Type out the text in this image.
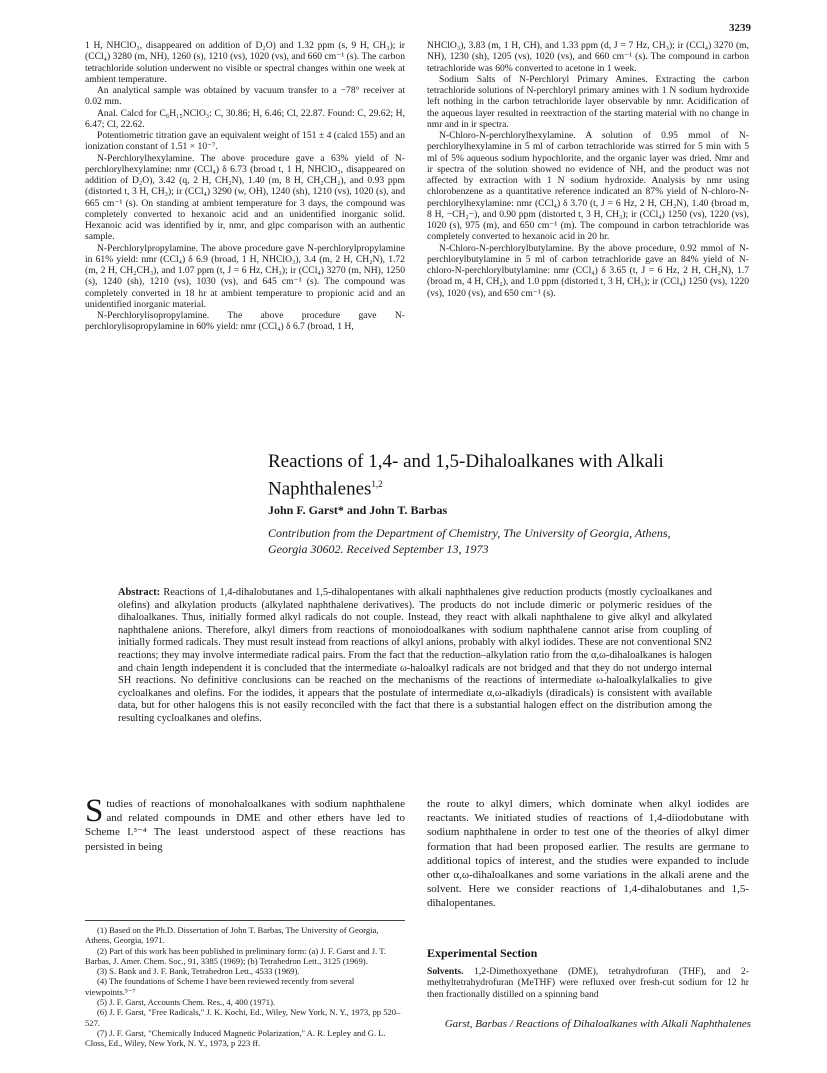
3239

1 H, NHClO₃, disappeared on addition of D₂O) and 1.32 ppm (s, 9 H, CH₃); ir (CCl₄) 3280 (m, NH), 1260 (s), 1210 (vs), 1020 (vs), and 660 cm⁻¹ (s). The carbon tetrachloride solution underwent no visible or spectral changes within one week at ambient temperature.

An analytical sample was obtained by vacuum transfer to a −78° receiver at 0.02 mm.

Anal. Calcd for C₆H₁₅NClO₃: C, 30.86; H, 6.46; Cl, 22.87. Found: C, 29.62; H, 6.47; Cl, 22.62.

Potentiometric titration gave an equivalent weight of 151 ± 4 (calcd 155) and an ionization constant of 1.51 × 10⁻⁷.

N-Perchlorylhexylamine. The above procedure gave a 63% yield of N-perchlorylhexylamine: nmr (CCl₄) δ 6.73 (broad t, 1 H, NHClO₃, disappeared on addition of D₂O), 3.42 (q, 2 H, CH₂N), 1.40 (m, 8 H, CH₂CH₂), and 0.93 ppm (distorted t, 3 H, CH₃); ir (CCl₄) 3290 (w, OH), 1240 (sh), 1210 (vs), 1020 (s), and 665 cm⁻¹ (s). On standing at ambient temperature for 3 days, the compound was completely converted to hexanoic acid and an unidentified inorganic solid. Hexanoic acid was identified by ir, nmr, and glpc comparison with an authentic sample.

N-Perchlorylpropylamine. The above procedure gave N-perchlorylpropylamine in 61% yield: nmr (CCl₄) δ 6.9 (broad, 1 H, NHClO₃), 3.4 (m, 2 H, CH₂N), 1.72 (m, 2 H, CH₂CH₃), and 1.07 ppm (t, J = 6 Hz, CH₃); ir (CCl₄) 3270 (m, NH), 1250 (s), 1240 (sh), 1210 (vs), 1030 (vs), and 645 cm⁻¹ (s). The compound was completely converted in 18 hr at ambient temperature to propionic acid and an unidentified inorganic material.

N-Perchlorylisopropylamine. The above procedure gave N-perchlorylisopropylamine in 60% yield: nmr (CCl₄) δ 6.7 (broad, 1 H,

NHClO₃), 3.83 (m, 1 H, CH), and 1.33 ppm (d, J = 7 Hz, CH₃); ir (CCl₄) 3270 (m, NH), 1230 (sh), 1205 (vs), 1020 (vs), and 660 cm⁻¹ (s). The compound in carbon tetrachloride was 60% converted to acetone in 1 week.

Sodium Salts of N-Perchloryl Primary Amines. Extracting the carbon tetrachloride solutions of N-perchloryl primary amines with 1 N sodium hydroxide left nothing in the carbon tetrachloride layer observable by nmr. Acidification of the aqueous layer resulted in reextraction of the starting material with no change in nmr and in ir spectra.

N-Chloro-N-perchlorylhexylamine. A solution of 0.95 mmol of N-perchlorylhexylamine in 5 ml of carbon tetrachloride was stirred for 5 min with 5 ml of 5% aqueous sodium hypochlorite, and the organic layer was dried. Nmr and ir spectra of the solution showed no evidence of NH, and the product was not affected by extraction with 1 N sodium hydroxide. Analysis by nmr using chlorobenzene as a quantitative reference indicated an 87% yield of N-chloro-N-perchlorylhexylamine: nmr (CCl₄) δ 3.70 (t, J = 6 Hz, 2 H, CH₂N), 1.40 (broad m, 8 H, −CH₂−), and 0.90 ppm (distorted t, 3 H, CH₃); ir (CCl₄) 1250 (vs), 1220 (vs), 1020 (s), 975 (m), and 650 cm⁻¹ (m). The compound in carbon tetrachloride was completely converted to hexanoic acid in 20 hr.

N-Chloro-N-perchlorylbutylamine. By the above procedure, 0.92 mmol of N-perchlorylbutylamine in 5 ml of carbon tetrachloride gave an 84% yield of N-chloro-N-perchlorylbutylamine: nmr (CCl₄) δ 3.65 (t, J = 6 Hz, 2 H, CH₂N), 1.7 (broad m, 4 H, CH₂), and 1.0 ppm (distorted t, 3 H, CH₃); ir (CCl₄) 1250 (vs), 1220 (vs), 1020 (vs), and 650 cm⁻¹ (s).

Reactions of 1,4- and 1,5-Dihaloalkanes with Alkali Naphthalenes$^{1,2}$
John F. Garst* and John T. Barbas
Contribution from the Department of Chemistry, The University of Georgia, Athens, Georgia 30602. Received September 13, 1973
Abstract: Reactions of 1,4-dihalobutanes and 1,5-dihalopentanes with alkali naphthalenes give reduction products (mostly cycloalkanes and olefins) and alkylation products (alkylated naphthalene derivatives). The products do not include dimeric or polymeric residues of the dihaloalkanes. Thus, initially formed alkyl radicals do not couple. Instead, they react with alkali naphthalene to give alkyl and alkylated naphthalene anions. Therefore, alkyl dimers from reactions of monoiodoalkanes with sodium naphthalene cannot arise from coupling of initially formed radicals. They must result instead from reactions of alkyl anions, probably with alkyl iodides. These are not conventional SN2 reactions; they may involve intermediate radical pairs. From the fact that the reduction–alkylation ratio from the α,ω-dihaloalkanes is halogen and chain length independent it is concluded that the intermediate ω-haloalkyl radicals are not bridged and that they do not undergo internal SH reactions. No definitive conclusions can be reached on the mechanisms of the reactions of intermediate ω-haloalkylalkalies to give cycloalkanes and olefins. For the iodides, it appears that the postulate of intermediate α,ω-alkadiyls (diradicals) is consistent with available data, but for other halogens this is not easily reconciled with the fact that there is a substantial halogen effect on the distribution among the resulting cycloalkanes and olefins.
Studies of reactions of monohaloalkanes with sodium naphthalene and related compounds in DME and other ethers have led to Scheme I.³⁻⁴ The least understood aspect of these reactions has persisted in being
the route to alkyl dimers, which dominate when alkyl iodides are reactants. We initiated studies of reactions of 1,4-diiodobutane with sodium naphthalene in order to test one of the theories of alkyl dimer formation that had been proposed earlier. The results are germane to additional topics of interest, and the studies were expanded to include other α,ω-dihaloalkanes and some variations in the alkali arene and the solvent. Here we consider reactions of 1,4-dihalobutanes and 1,5-dihalopentanes.

(1) Based on the Ph.D. Dissertation of John T. Barbas, The University of Georgia, Athens, Georgia, 1971.

(2) Part of this work has been published in preliminary form: (a) J. F. Garst and J. T. Barbas, J. Amer. Chem. Soc., 91, 3385 (1969); (b) Tetrahedron Lett., 3125 (1969).

(3) S. Bank and J. F. Bank, Tetrahedron Lett., 4533 (1969).

(4) The foundations of Scheme I have been reviewed recently from several viewpoints.⁵⁻⁷

(5) J. F. Garst, Accounts Chem. Res., 4, 400 (1971).

(6) J. F. Garst, "Free Radicals," J. K. Kochi, Ed., Wiley, New York, N. Y., 1973, pp 520–527.

(7) J. F. Garst, "Chemically Induced Magnetic Polarization," A. R. Lepley and G. L. Closs, Ed., Wiley, New York, N. Y., 1973, p 223 ff.

Experimental Section
Solvents. 1,2-Dimethoxyethane (DME), tetrahydrofuran (THF), and 2-methyltetrahydrofuran (MeTHF) were refluxed over fresh-cut sodium for 12 hr then fractionally distilled on a spinning band
Garst, Barbas / Reactions of Dihaloalkanes with Alkali Naphthalenes
